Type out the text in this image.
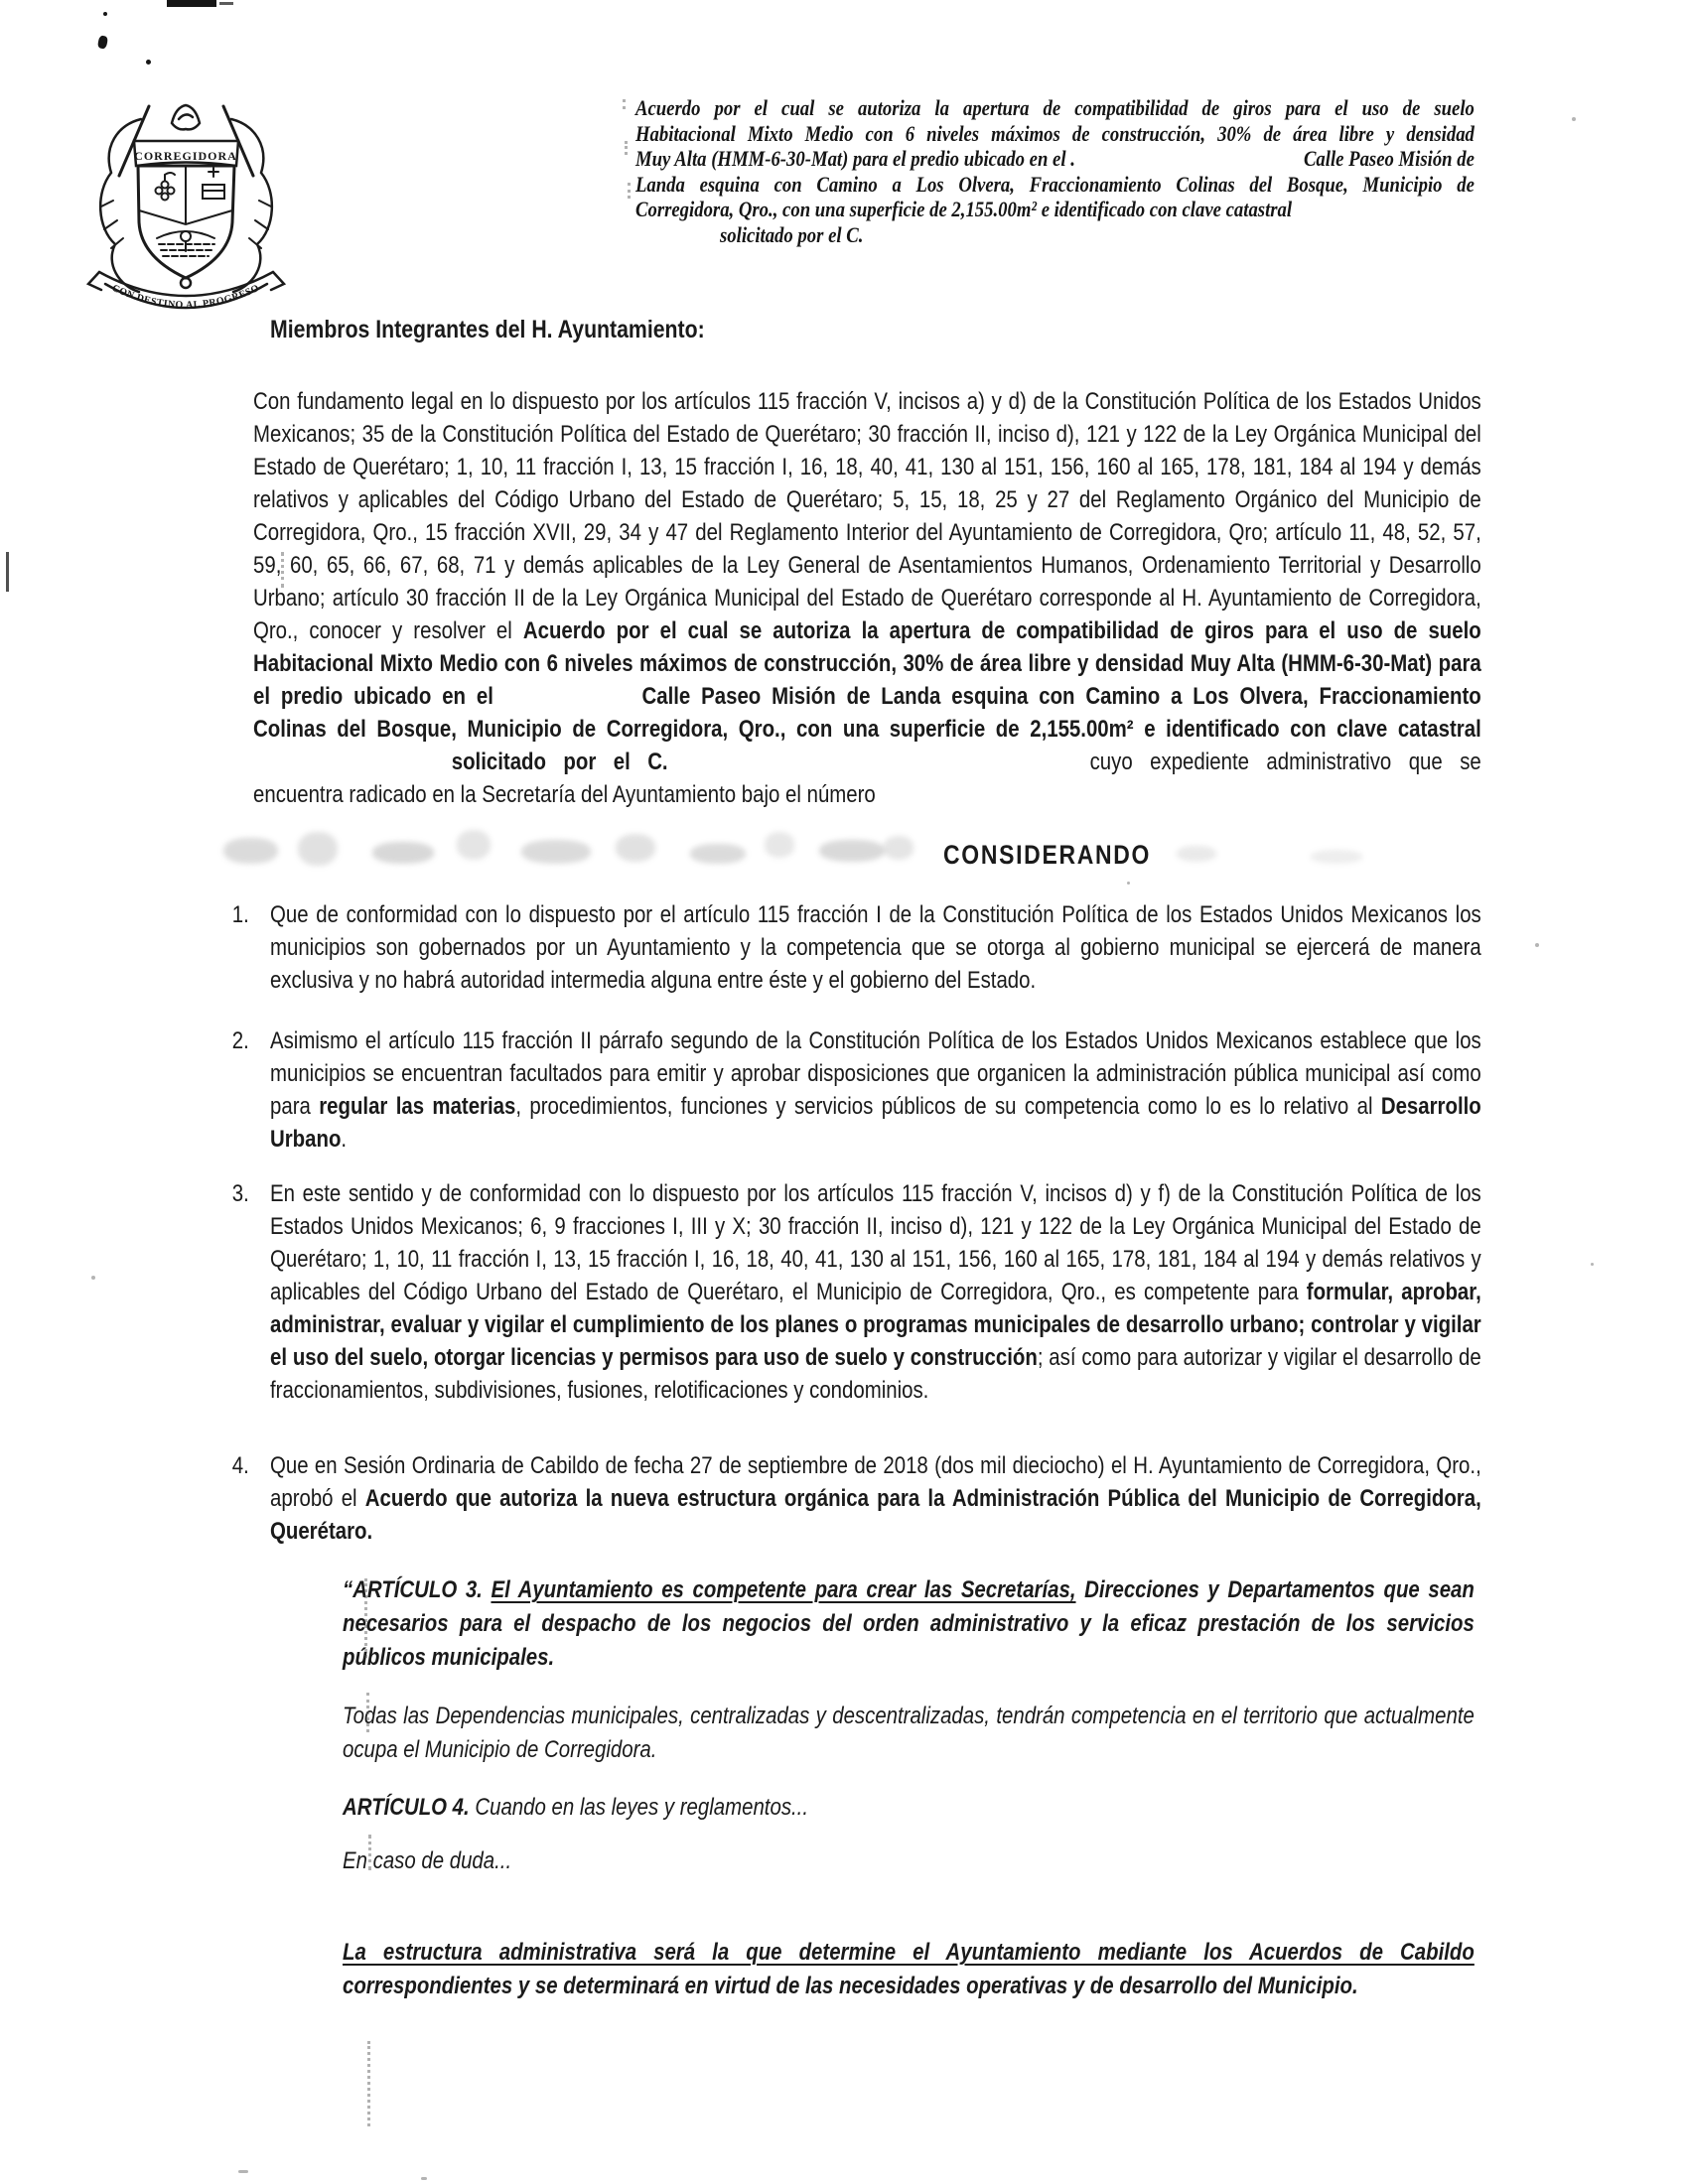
CORREGIDORA
CON DESTINO AL PROGRESO
Acuerdo por el cual se autoriza la apertura de compatibilidad de giros para el uso de suelo
Habitacional Mixto Medio con 6 niveles máximos de construcción, 30% de área libre y densidad
Muy Alta (HMM-6-30-Mat) para el predio ubicado en el .	Calle Paseo Misión de
Landa esquina con Camino a Los Olvera, Fraccionamiento Colinas del Bosque, Municipio de
Corregidora, Qro., con una superficie de 2,155.00m² e identificado con clave catastral
solicitado por el C.
Miembros Integrantes del H. Ayuntamiento:

Con fundamento legal en lo dispuesto por los artículos 115 fracción V, incisos a) y d) de la Constitución Política de los Estados Unidos Mexicanos; 35 de la Constitución Política del Estado de Querétaro; 30 fracción II, inciso d), 121 y 122 de la Ley Orgánica Municipal del Estado de Querétaro; 1, 10, 11 fracción I, 13, 15 fracción I, 16, 18, 40, 41, 130 al 151, 156, 160 al 165, 178, 181, 184 al 194 y demás relativos y aplicables del Código Urbano del Estado de Querétaro; 5, 15, 18, 25 y 27 del Reglamento Orgánico del Municipio de Corregidora, Qro., 15 fracción XVII, 29, 34 y 47 del Reglamento Interior del Ayuntamiento de Corregidora, Qro; artículo 11, 48, 52, 57, 59, 60, 65, 66, 67, 68, 71 y demás aplicables de la Ley General de Asentamientos Humanos, Ordenamiento Territorial y Desarrollo Urbano; artículo 30 fracción II de la Ley Orgánica Municipal del Estado de Querétaro corresponde al H. Ayuntamiento de Corregidora, Qro., conocer y resolver el Acuerdo por el cual se autoriza la apertura de compatibilidad de giros para el uso de suelo Habitacional Mixto Medio con 6 niveles máximos de construcción, 30% de área libre y densidad Muy Alta (HMM-6-30-Mat) para el predio ubicado en el	Calle Paseo Misión de Landa esquina con Camino a Los Olvera, Fraccionamiento Colinas del Bosque, Municipio de Corregidora, Qro., con una superficie de 2,155.00m² e identificado con clave catastralsolicitado por el C.	cuyo expediente administrativo que se encuentra radicado en la Secretaría del Ayuntamiento bajo el número

CONSIDERANDO
1. Que de conformidad con lo dispuesto por el artículo 115 fracción I de la Constitución Política de los Estados Unidos Mexicanos los municipios son gobernados por un Ayuntamiento y la competencia que se otorga al gobierno municipal se ejercerá de manera exclusiva y no habrá autoridad intermedia alguna entre éste y el gobierno del Estado.
2. Asimismo el artículo 115 fracción II párrafo segundo de la Constitución Política de los Estados Unidos Mexicanos establece que los municipios se encuentran facultados para emitir y aprobar disposiciones que organicen la administración pública municipal así como para regular las materias, procedimientos, funciones y servicios públicos de su competencia como lo es lo relativo al Desarrollo Urbano.
3. En este sentido y de conformidad con lo dispuesto por los artículos 115 fracción V, incisos d) y f) de la Constitución Política de los Estados Unidos Mexicanos; 6, 9 fracciones I, III y X; 30 fracción II, inciso d), 121 y 122 de la Ley Orgánica Municipal del Estado de Querétaro; 1, 10, 11 fracción I, 13, 15 fracción I, 16, 18, 40, 41, 130 al 151, 156, 160 al 165, 178, 181, 184 al 194 y demás relativos y aplicables del Código Urbano del Estado de Querétaro, el Municipio de Corregidora, Qro., es competente para formular, aprobar, administrar, evaluar y vigilar el cumplimiento de los planes o programas municipales de desarrollo urbano; controlar y vigilar el uso del suelo, otorgar licencias y permisos para uso de suelo y construcción; así como para autorizar y vigilar el desarrollo de fraccionamientos, subdivisiones, fusiones, relotificaciones y condominios.
4. Que en Sesión Ordinaria de Cabildo de fecha 27 de septiembre de 2018 (dos mil dieciocho) el H. Ayuntamiento de Corregidora, Qro., aprobó el Acuerdo que autoriza la nueva estructura orgánica para la Administración Pública del Municipio de Corregidora, Querétaro.
“ARTÍCULO 3. El Ayuntamiento es competente para crear las Secretarías, Direcciones y Departamentos que sean necesarios para el despacho de los negocios del orden administrativo y la eficaz prestación de los servicios públicos municipales.
Todas las Dependencias municipales, centralizadas y descentralizadas, tendrán competencia en el territorio que actualmente ocupa el Municipio de Corregidora.
ARTÍCULO 4. Cuando en las leyes y reglamentos...
En caso de duda...
La estructura administrativa será la que determine el Ayuntamiento mediante los Acuerdos de Cabildo correspondientes y se determinará en virtud de las necesidades operativas y de desarrollo del Municipio.
